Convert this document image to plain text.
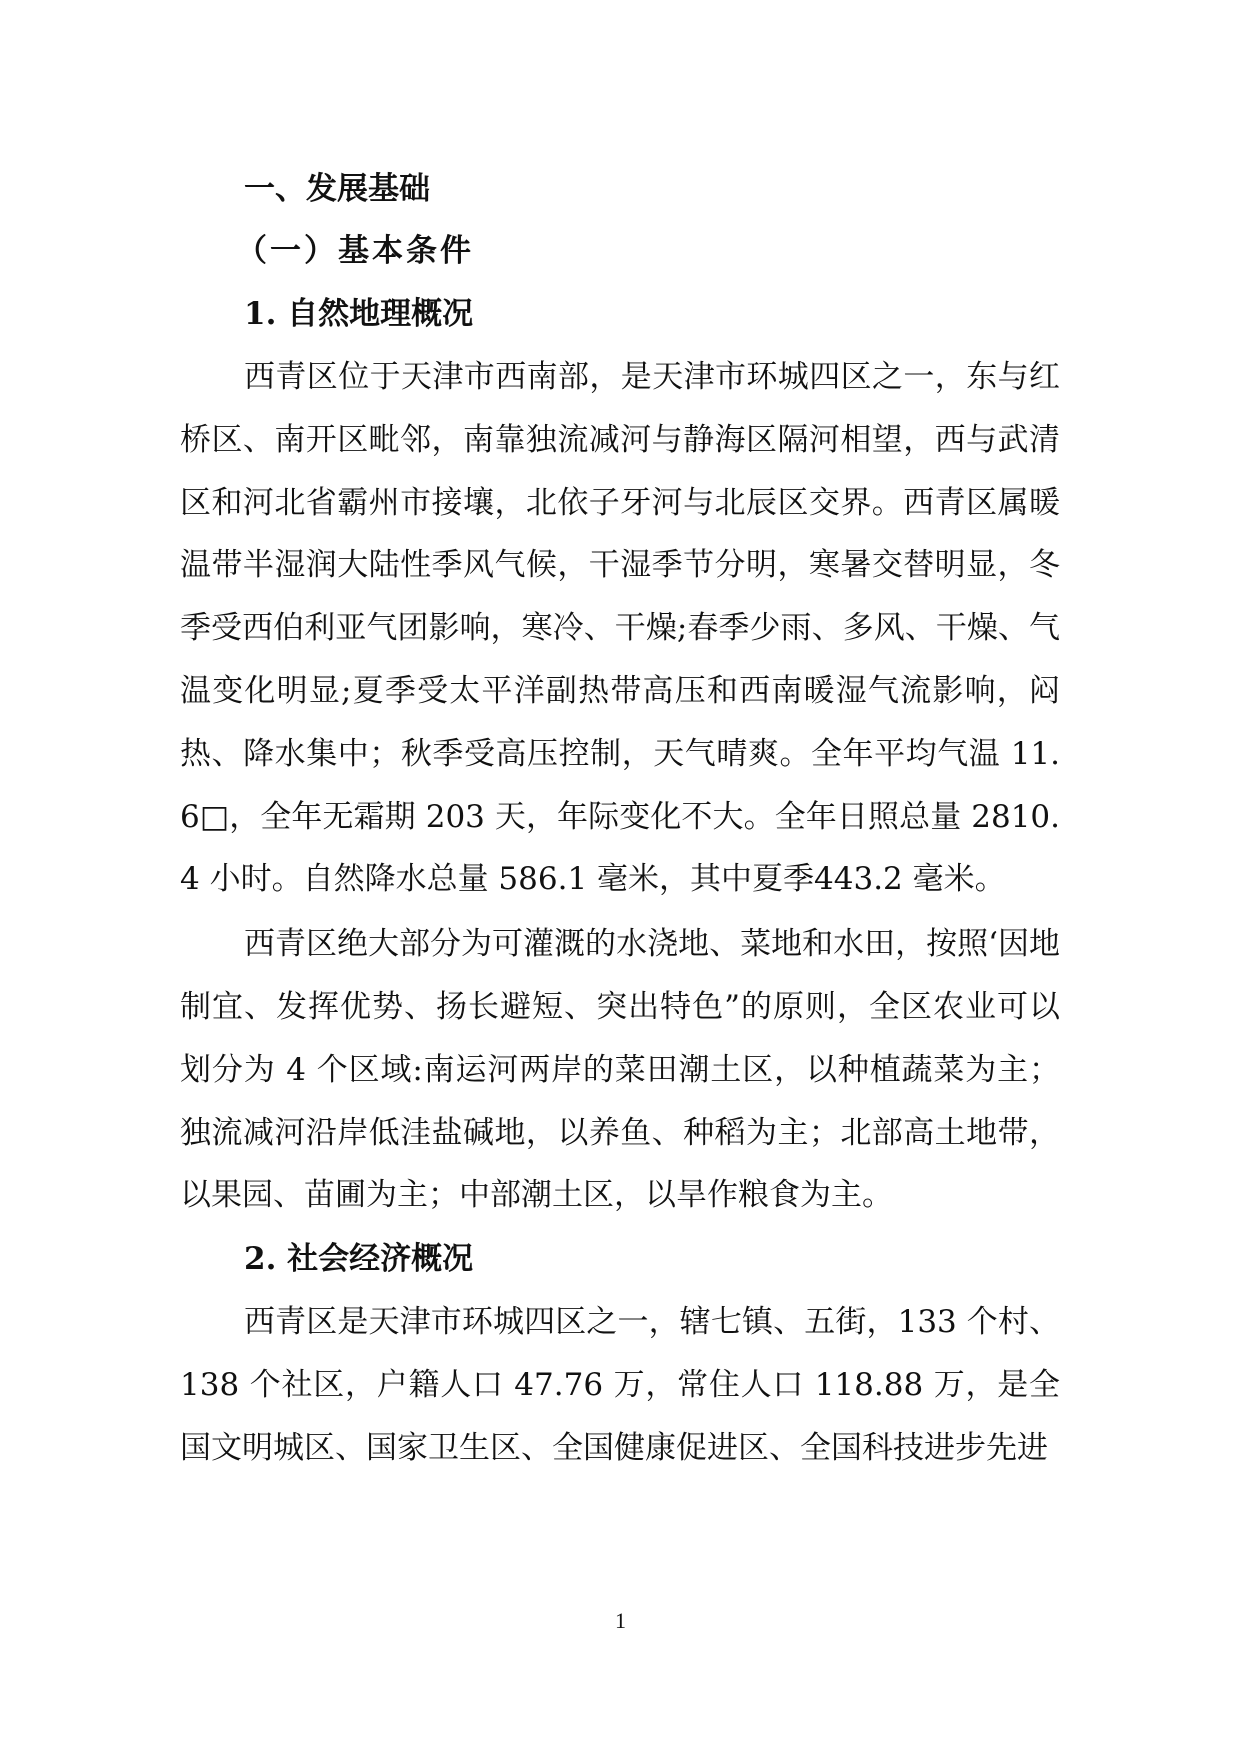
一、发展基础
（一）基本条件
1. 自然地理概况

西青区位于天津市西南部，是天津市环城四区之一，东与红桥区、南开区毗邻，南靠独流减河与静海区隔河相望，西与武清区和河北省霸州市接壤，北依子牙河与北辰区交界。西青区属暖温带半湿润大陆性季风气候，干湿季节分明，寒暑交替明显，冬季受西伯利亚气团影响，寒冷、干燥;春季少雨、多风、干燥、气温变化明显;夏季受太平洋副热带高压和西南暖湿气流影响，闷热、降水集中；秋季受高压控制，天气晴爽。全年平均气温 11.6□，全年无霜期 203 天，年际变化不大。全年日照总量 2810.4 小时。自然降水总量 586.1 毫米，其中夏季443.2 毫米。

西青区绝大部分为可灌溉的水浇地、菜地和水田，按照‘因地制宜、发挥优势、扬长避短、突出特色”的原则，全区农业可以划分为 4 个区域:南运河两岸的菜田潮土区，以种植蔬菜为主；独流减河沿岸低洼盐碱地，以养鱼、种稻为主；北部高土地带，以果园、苗圃为主；中部潮土区，以旱作粮食为主。

2. 社会经济概况

西青区是天津市环城四区之一，辖七镇、五街，133 个村、138 个社区，户籍人口 47.76 万，常住人口 118.88 万，是全国文明城区、国家卫生区、全国健康促进区、全国科技进步先进

1
